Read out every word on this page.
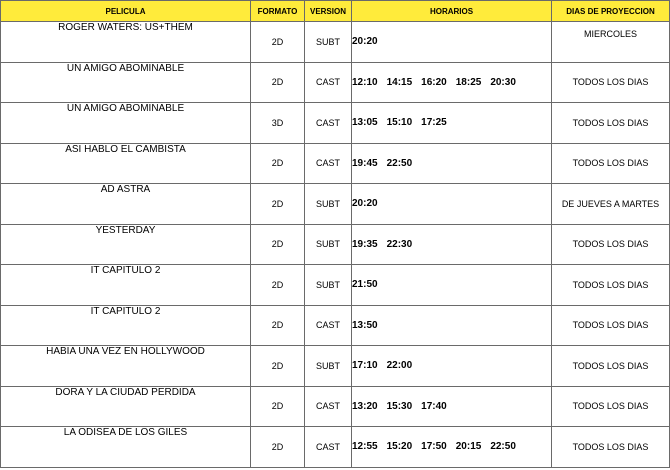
PELICULA	FORMATO	VERSION	HORARIOS	DIAS DE PROYECCION
ROGER WATERS: US+THEM	2D	SUBT	20:20	MIERCOLES
UN AMIGO ABOMINABLE	2D	CAST	12:10 14:15 16:20 18:25 20:30	TODOS LOS DIAS
UN AMIGO ABOMINABLE	3D	CAST	13:05 15:10 17:25	TODOS LOS DIAS
ASI HABLO EL CAMBISTA	2D	CAST	19:45 22:50	TODOS LOS DIAS
AD ASTRA	2D	SUBT	20:20	DE JUEVES A MARTES
YESTERDAY	2D	SUBT	19:35 22:30	TODOS LOS DIAS
IT CAPITULO 2	2D	SUBT	21:50	TODOS LOS DIAS
IT CAPITULO 2	2D	CAST	13:50	TODOS LOS DIAS
HABIA UNA VEZ EN HOLLYWOOD	2D	SUBT	17:10 22:00	TODOS LOS DIAS
DORA Y LA CIUDAD PERDIDA	2D	CAST	13:20 15:30 17:40	TODOS LOS DIAS
LA ODISEA DE LOS GILES	2D	CAST	12:55 15:20 17:50 20:15 22:50	TODOS LOS DIAS
